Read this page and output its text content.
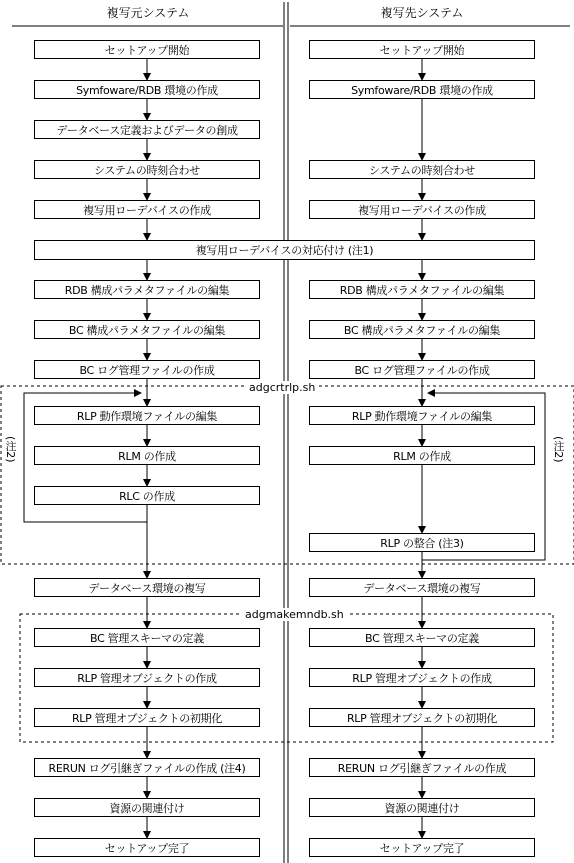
複写元システム	複写先システム
adgcrtrlp.sh
adgmakemndb.sh
(注2)	(注2)
セットアップ開始
Symfoware/RDB 環境の作成
データベース定義およびデータの創成
システムの時刻合わせ
複写用ローデバイスの作成
複写用ローデバイスの対応付け (注1)
RDB 構成パラメタファイルの編集
BC 構成パラメタファイルの編集
BC ログ管理ファイルの作成
RLP 動作環境ファイルの編集
RLM の作成
RLC の作成
データベース環境の複写
BC 管理スキーマの定義
RLP 管理オブジェクトの作成
RLP 管理オブジェクトの初期化
RERUN ログ引継ぎファイルの作成 (注4)
資源の関連付け
セットアップ完了
セットアップ開始
Symfoware/RDB 環境の作成
システムの時刻合わせ
複写用ローデバイスの作成
RDB 構成パラメタファイルの編集
BC 構成パラメタファイルの編集
BC ログ管理ファイルの作成
RLP 動作環境ファイルの編集
RLM の作成
RLP の整合 (注3)
データベース環境の複写
BC 管理スキーマの定義
RLP 管理オブジェクトの作成
RLP 管理オブジェクトの初期化
RERUN ログ引継ぎファイルの作成
資源の関連付け
セットアップ完了
